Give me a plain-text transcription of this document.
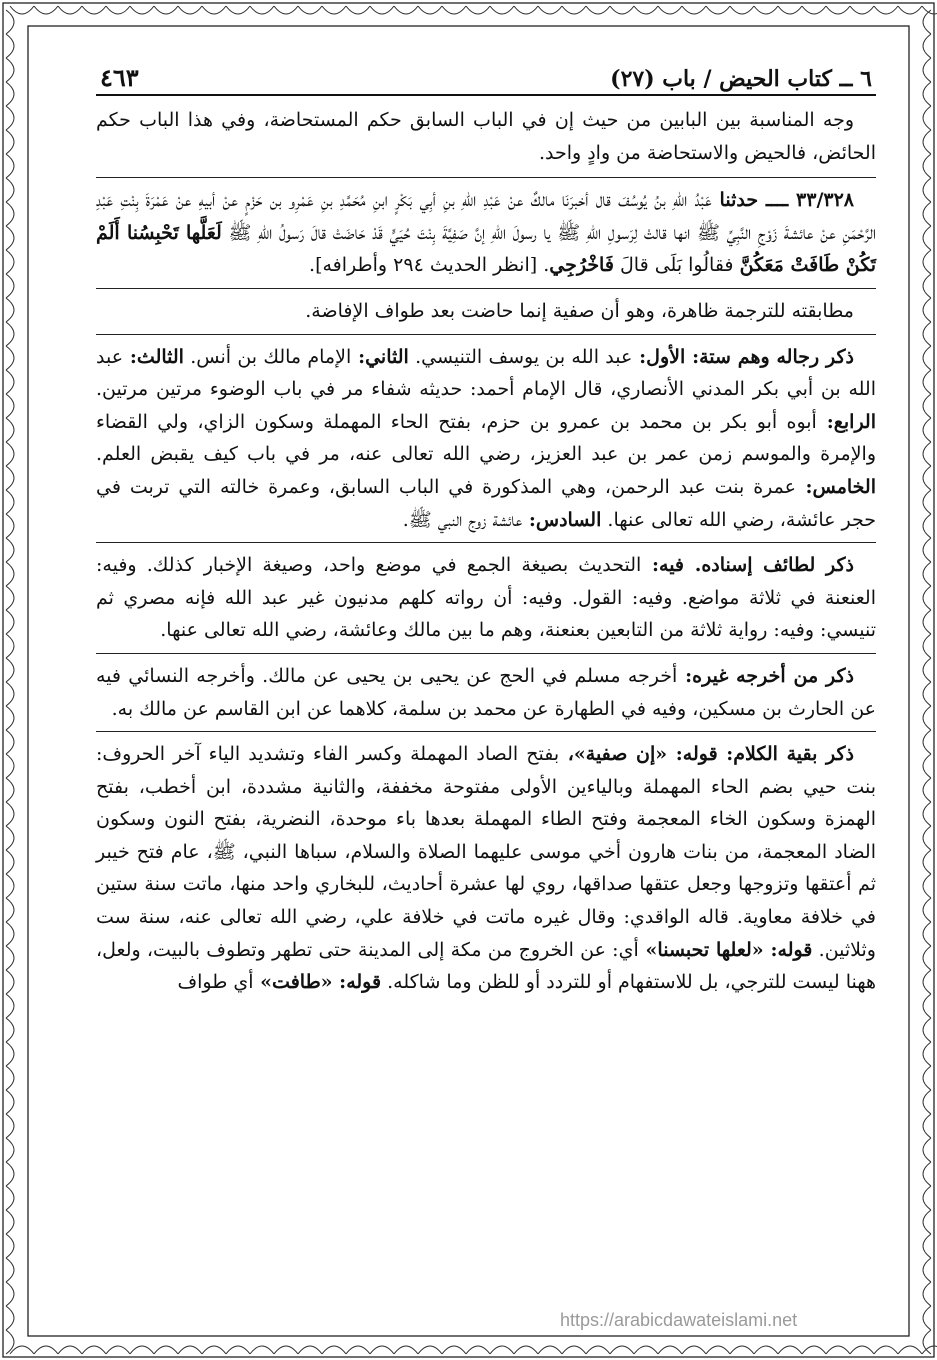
٦ ــ كتاب الحيض / باب (٢٧)
٤٦٣

وجه المناسبة بين البابين من حيث إن في الباب السابق حكم المستحاضة، وفي هذا الباب حكم الحائض، فالحيض والاستحاضة من وادٍ واحد.

٣٣/٣٢٨ ــــ حدثنا عَبْدُ اللهِ بنُ يُوسُفَ قال أخبرَنَا مالكٌ عنْ عَبْدِ اللهِ بنِ أبِي بَكْرٍ ابنِ مُحَمَّدِ بنِ عَمْرِو بن حَزْمٍ عنْ أبيهِ عنْ عَمْرَةَ بِنْتِ عَبْدِ الرَّحْمَنِ عنْ عائشةَ زَوْجِ النَّبِيِّ ﷺ انها قالتْ لِرَسولِ اللهِ ﷺ يا رسولَ اللهِ إنَّ صَفِيَّةَ بِنْتَ حُيَيٍّ قَدْ حَاضَتْ قالَ رَسولُ اللهِ ﷺ لَعَلَّها تَحْبِسُنا أَلَمْ تَكُنْ طَافَتْ مَعَكُنَّ فقالُوا بَلَى قالَ فَاخْرُجِي. [انظر الحديث ٢٩٤ وأطرافه].

مطابقته للترجمة ظاهرة، وهو أن صفية إنما حاضت بعد طواف الإفاضة.

ذكر رجاله وهم ستة: الأول: عبد الله بن يوسف التنيسي. الثاني: الإمام مالك بن أنس. الثالث: عبد الله بن أبي بكر المدني الأنصاري، قال الإمام أحمد: حديثه شفاء مر في باب الوضوء مرتين مرتين. الرابع: أبوه أبو بكر بن محمد بن عمرو بن حزم، بفتح الحاء المهملة وسكون الزاي، ولي القضاء والإمرة والموسم زمن عمر بن عبد العزيز، رضي الله تعالى عنه، مر في باب كيف يقبض العلم. الخامس: عمرة بنت عبد الرحمن، وهي المذكورة في الباب السابق، وعمرة خالته التي تربت في حجر عائشة، رضي الله تعالى عنها. السادس: عائشة زوج النبي ﷺ.

ذكر لطائف إسناده. فيه: التحديث بصيغة الجمع في موضع واحد، وصيغة الإخبار كذلك. وفيه: العنعنة في ثلاثة مواضع. وفيه: القول. وفيه: أن رواته كلهم مدنيون غير عبد الله فإنه مصري ثم تنيسي: وفيه: رواية ثلاثة من التابعين بعنعنة، وهم ما بين مالك وعائشة، رضي الله تعالى عنها.

ذكر من أخرجه غيره: أخرجه مسلم في الحج عن يحيى بن يحيى عن مالك. وأخرجه النسائي فيه عن الحارث بن مسكين، وفيه في الطهارة عن محمد بن سلمة، كلاهما عن ابن القاسم عن مالك به.

ذكر بقية الكلام: قوله: «إن صفية»، بفتح الصاد المهملة وكسر الفاء وتشديد الياء آخر الحروف: بنت حيي بضم الحاء المهملة وبالياءين الأولى مفتوحة مخففة، والثانية مشددة، ابن أخطب، بفتح الهمزة وسكون الخاء المعجمة وفتح الطاء المهملة بعدها باء موحدة، النضرية، بفتح النون وسكون الضاد المعجمة، من بنات هارون أخي موسى عليهما الصلاة والسلام، سباها النبي، ﷺ، عام فتح خيبر ثم أعتقها وتزوجها وجعل عتقها صداقها، روي لها عشرة أحاديث، للبخاري واحد منها، ماتت سنة ستين في خلافة معاوية. قاله الواقدي: وقال غيره ماتت في خلافة علي، رضي الله تعالى عنه، سنة ست وثلاثين. قوله: «لعلها تحبسنا» أي: عن الخروج من مكة إلى المدينة حتى تطهر وتطوف بالبيت، ولعل، ههنا ليست للترجي، بل للاستفهام أو للتردد أو للظن وما شاكله. قوله: «طافت» أي طواف

https://arabicdawateislami.net
